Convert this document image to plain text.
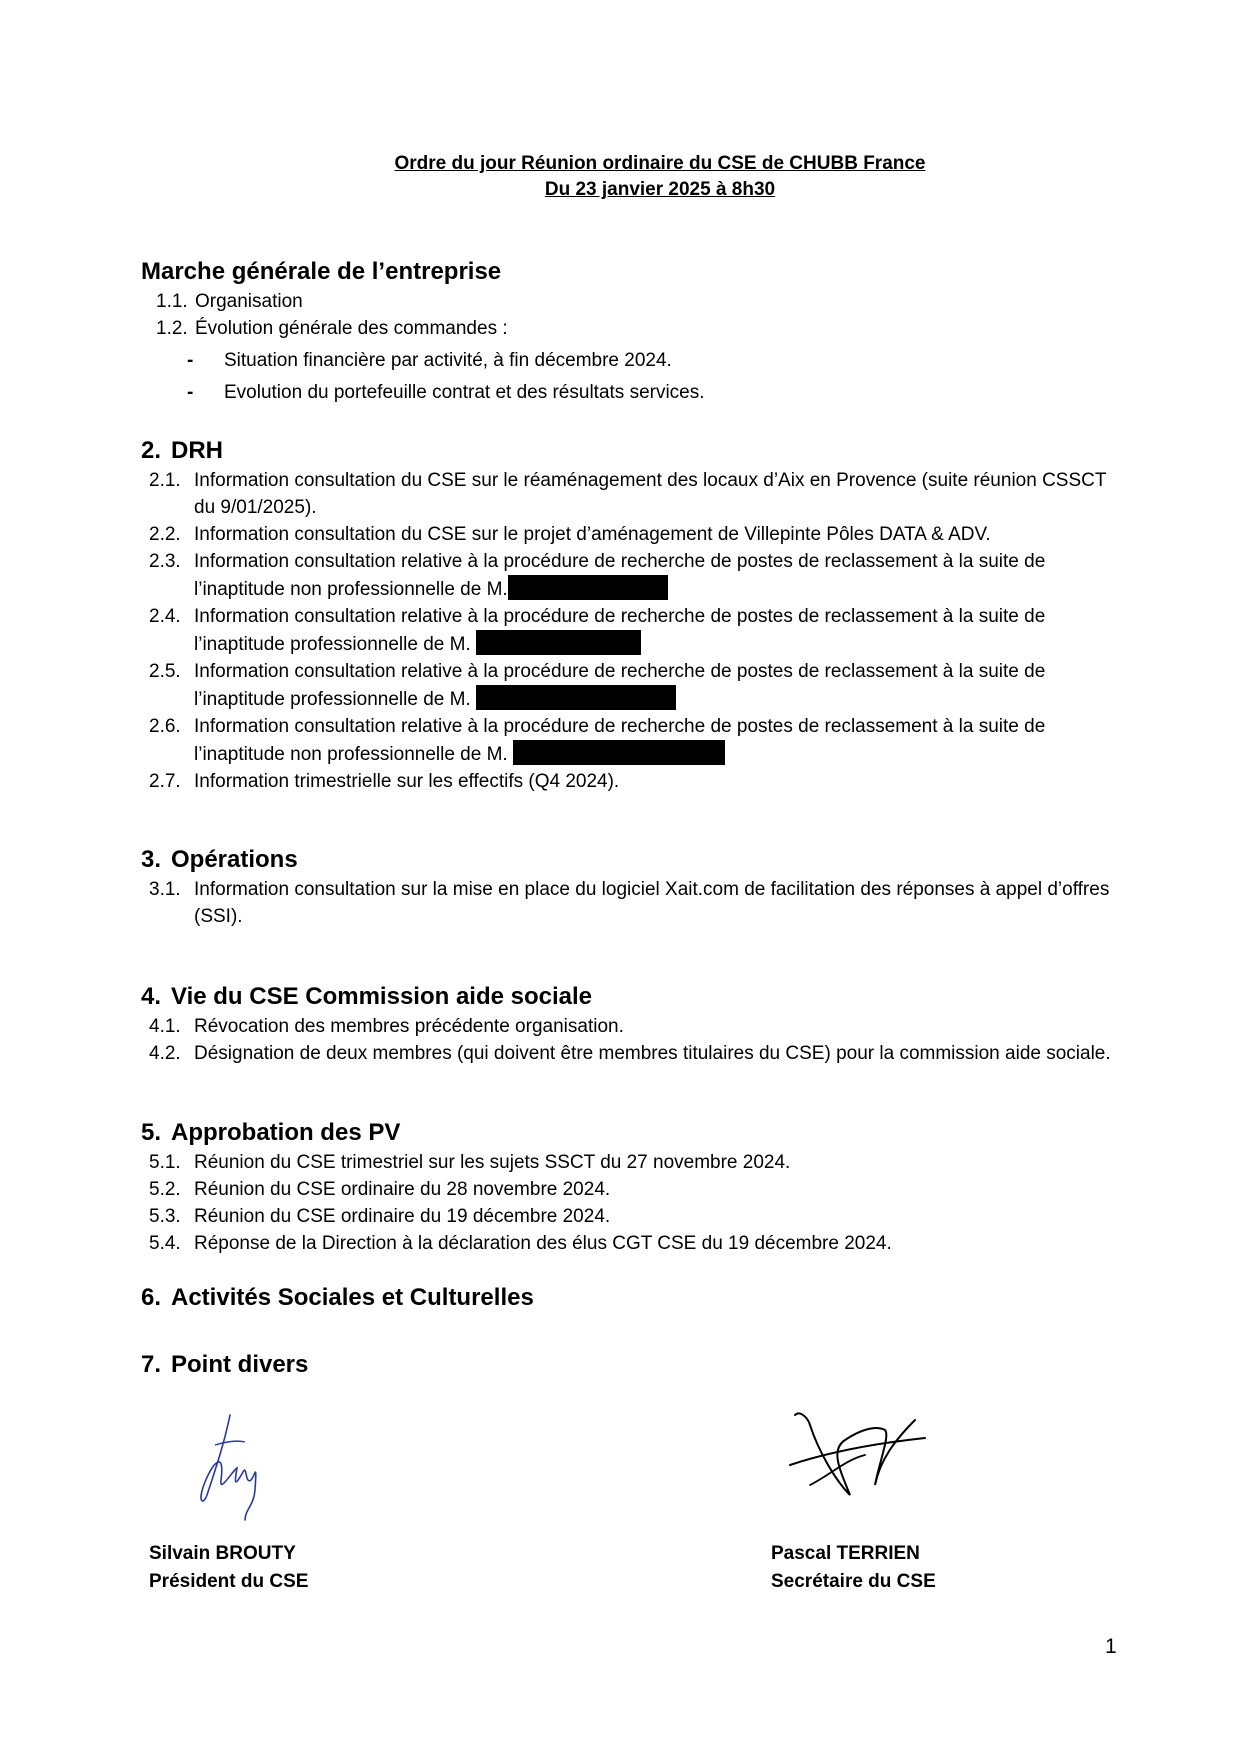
Ordre du jour Réunion ordinaire du CSE de CHUBB France
Du 23 janvier 2025 à 8h30
Marche générale de l’entreprise
1.1. Organisation
1.2. Évolution générale des commandes :
- Situation financière par activité, à fin décembre 2024.
- Evolution du portefeuille contrat et des résultats services.
2. DRH
2.1. Information consultation du CSE sur le réaménagement des locaux d’Aix en Provence (suite réunion CSSCT du 9/01/2025).
2.2. Information consultation du CSE sur le projet d’aménagement de Villepinte Pôles DATA & ADV.
2.3. Information consultation relative à la procédure de recherche de postes de reclassement à la suite de l’inaptitude non professionnelle de M.
2.4. Information consultation relative à la procédure de recherche de postes de reclassement à la suite de l’inaptitude professionnelle de M.
2.5. Information consultation relative à la procédure de recherche de postes de reclassement à la suite de l’inaptitude professionnelle de M.
2.6. Information consultation relative à la procédure de recherche de postes de reclassement à la suite de l’inaptitude non professionnelle de M.
2.7. Information trimestrielle sur les effectifs (Q4 2024).
3. Opérations
3.1. Information consultation sur la mise en place du logiciel Xait.com de facilitation des réponses à appel d’offres (SSI).
4. Vie du CSE Commission aide sociale
4.1. Révocation des membres précédente organisation.
4.2. Désignation de deux membres (qui doivent être membres titulaires du CSE) pour la commission aide sociale.
5. Approbation des PV
5.1. Réunion du CSE trimestriel sur les sujets SSCT du 27 novembre 2024.
5.2. Réunion du CSE ordinaire du 28 novembre 2024.
5.3. Réunion du CSE ordinaire du 19 décembre 2024.
5.4. Réponse de la Direction à la déclaration des élus CGT CSE du 19 décembre 2024.
6. Activités Sociales et Culturelles
7. Point divers
Silvain BROUTY
Président du CSE
Pascal TERRIEN
Secrétaire du CSE
1
